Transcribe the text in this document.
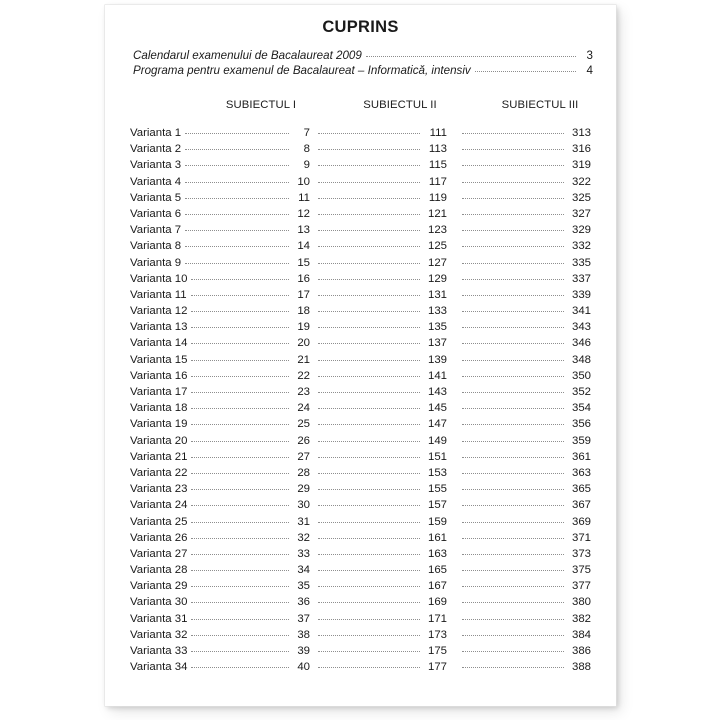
CUPRINS
Calendarul examenului de Bacalaureat 2009	3
Programa pentru examenul de Bacalaureat – Informatică, intensiv	4
SUBIECTUL I	SUBIECTUL II	SUBIECTUL III
Varianta 1	7	111	313
Varianta 2	8	113	316
Varianta 3	9	115	319
Varianta 4	10	117	322
Varianta 5	11	119	325
Varianta 6	12	121	327
Varianta 7	13	123	329
Varianta 8	14	125	332
Varianta 9	15	127	335
Varianta 10	16	129	337
Varianta 11	17	131	339
Varianta 12	18	133	341
Varianta 13	19	135	343
Varianta 14	20	137	346
Varianta 15	21	139	348
Varianta 16	22	141	350
Varianta 17	23	143	352
Varianta 18	24	145	354
Varianta 19	25	147	356
Varianta 20	26	149	359
Varianta 21	27	151	361
Varianta 22	28	153	363
Varianta 23	29	155	365
Varianta 24	30	157	367
Varianta 25	31	159	369
Varianta 26	32	161	371
Varianta 27	33	163	373
Varianta 28	34	165	375
Varianta 29	35	167	377
Varianta 30	36	169	380
Varianta 31	37	171	382
Varianta 32	38	173	384
Varianta 33	39	175	386
Varianta 34	40	177	388
